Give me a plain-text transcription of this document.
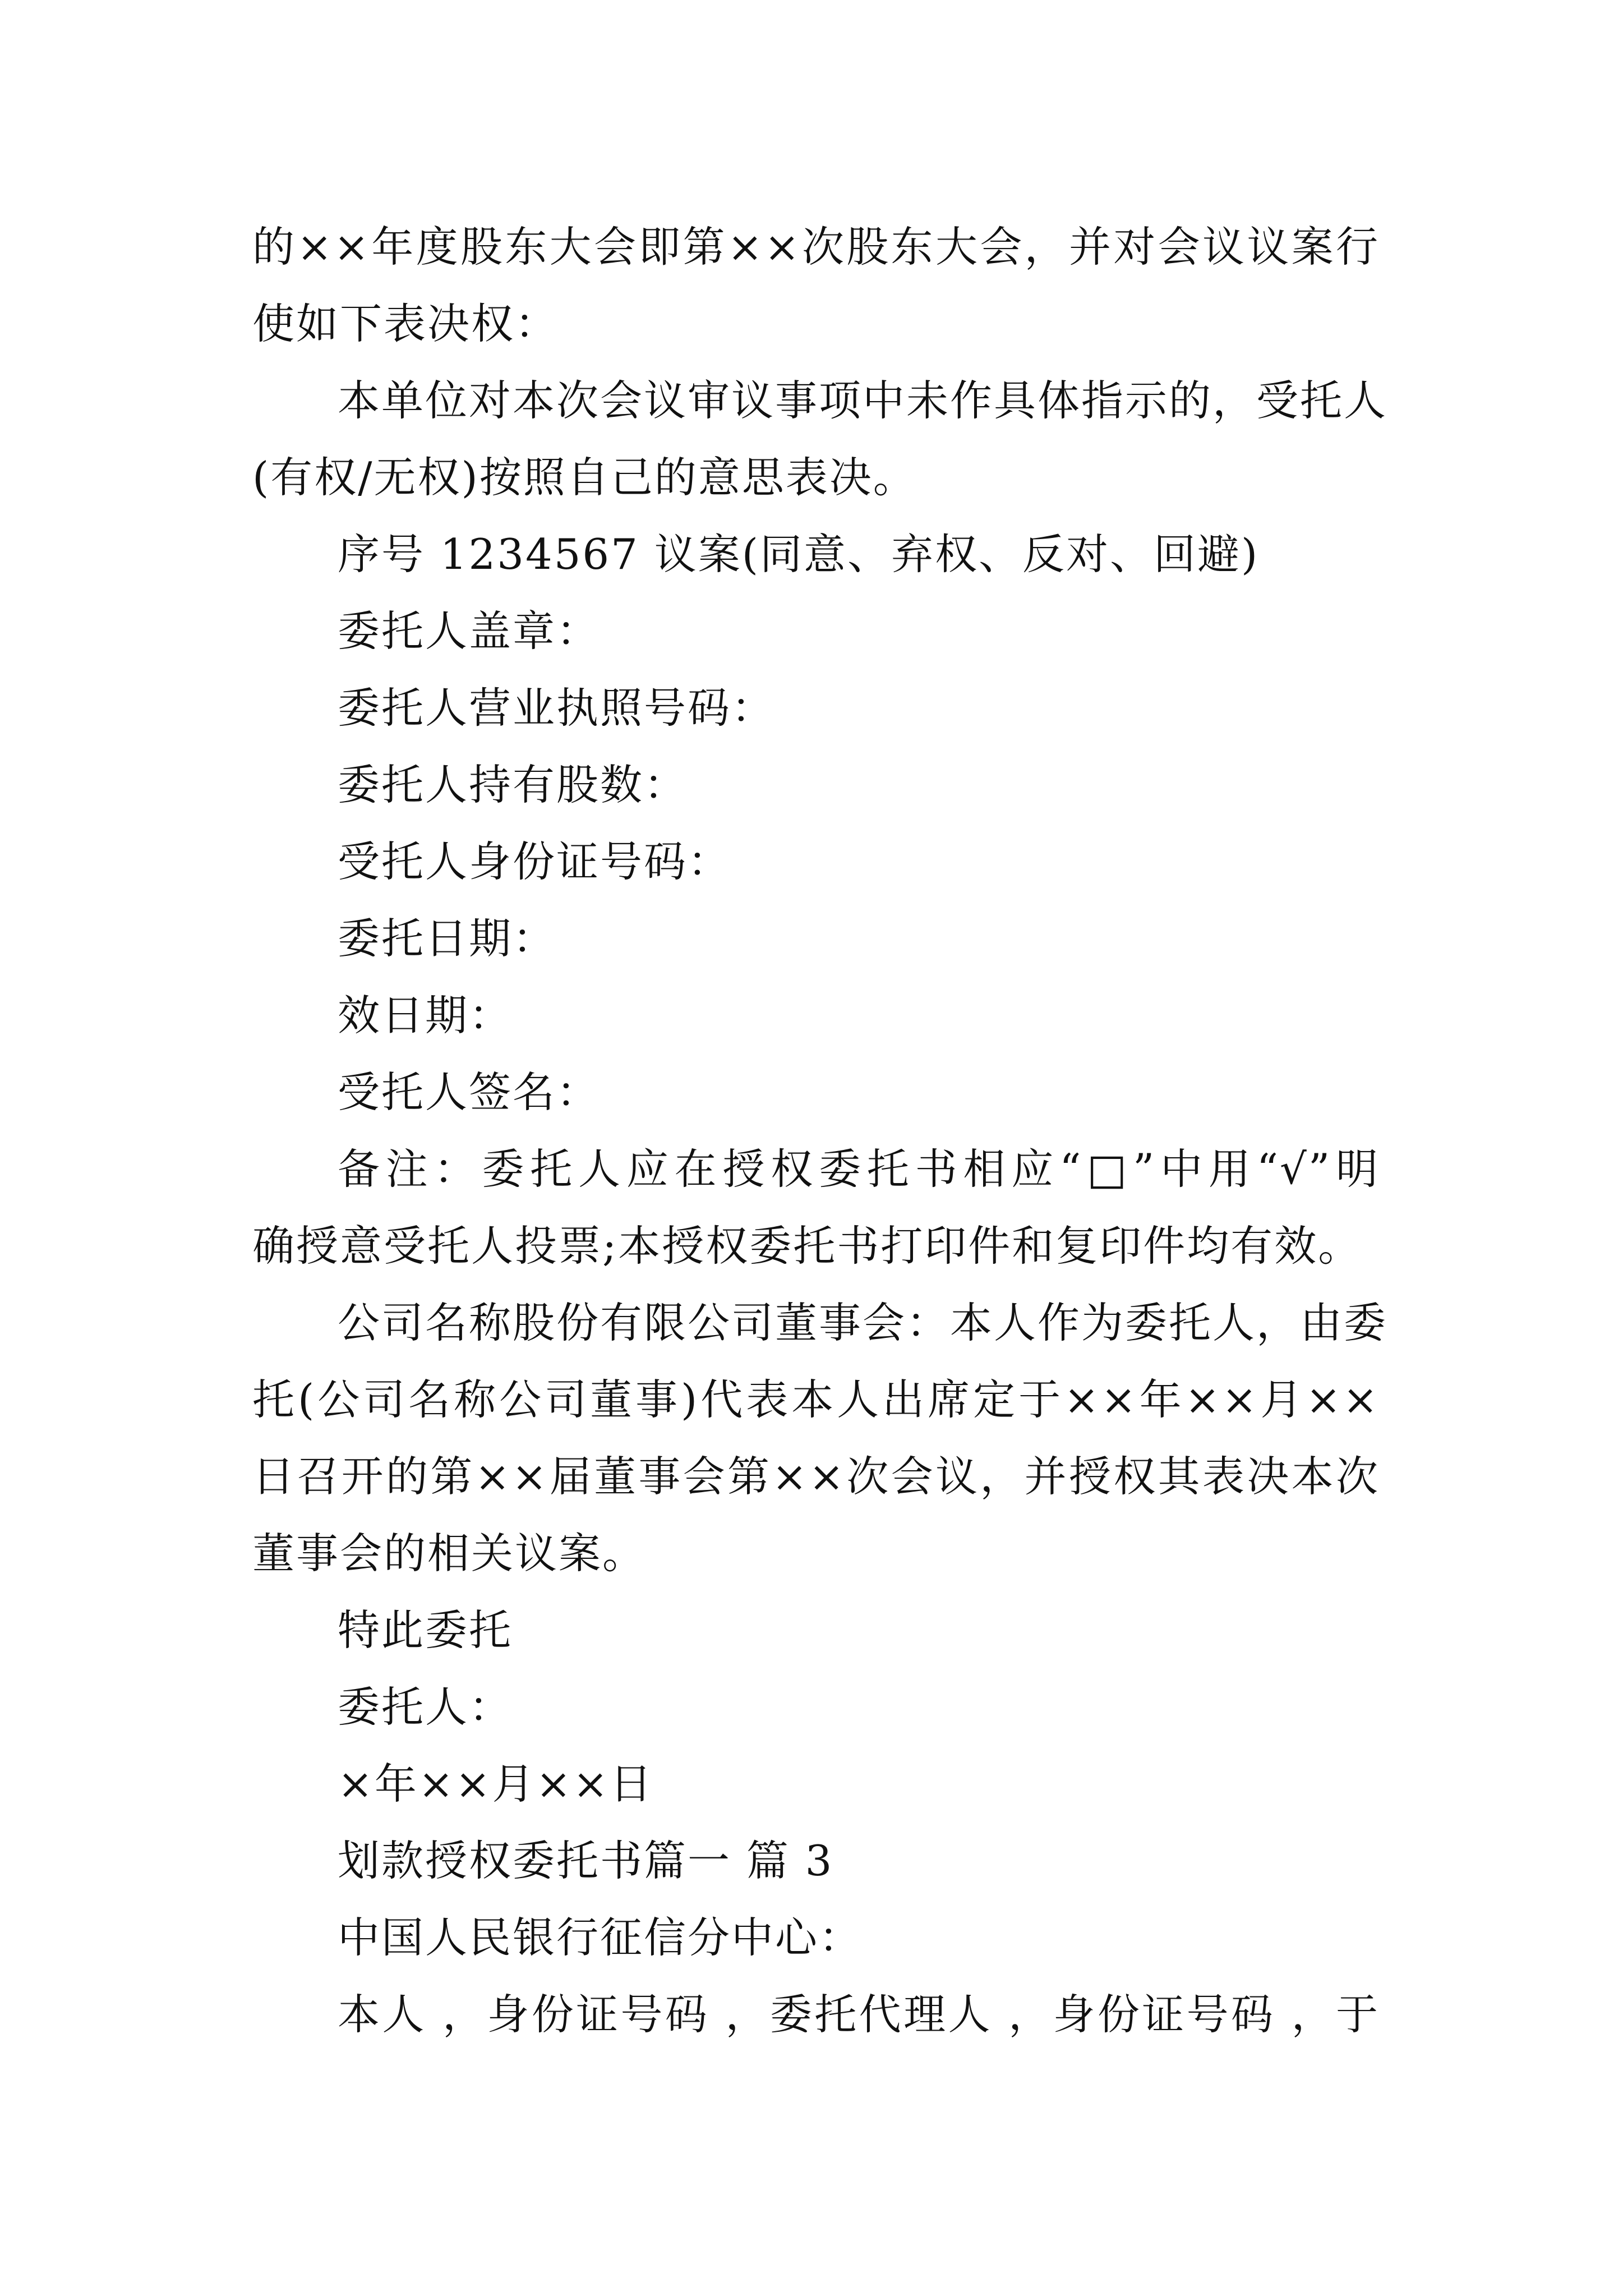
的××年度股东大会即第××次股东大会，并对会议议案行
使如下表决权：
本单位对本次会议审议事项中未作具体指示的，受托人
(有权/无权)按照自己的意思表决。
序号 1234567 议案(同意、弃权、反对、回避)
委托人盖章：
委托人营业执照号码：
委托人持有股数：
受托人身份证号码：
委托日期：
效日期：
受托人签名：
备注：委托人应在授权委托书相应“□”中用“√”明
确授意受托人投票;本授权委托书打印件和复印件均有效。
公司名称股份有限公司董事会：本人作为委托人，由委
托(公司名称公司董事)代表本人出席定于××年××月××
日召开的第××届董事会第××次会议，并授权其表决本次
董事会的相关议案。
特此委托
委托人：
×年××月××日
划款授权委托书篇一 篇 3
中国人民银行征信分中心：
本人 ，身份证号码 ，委托代理人 ，身份证号码 ，于
